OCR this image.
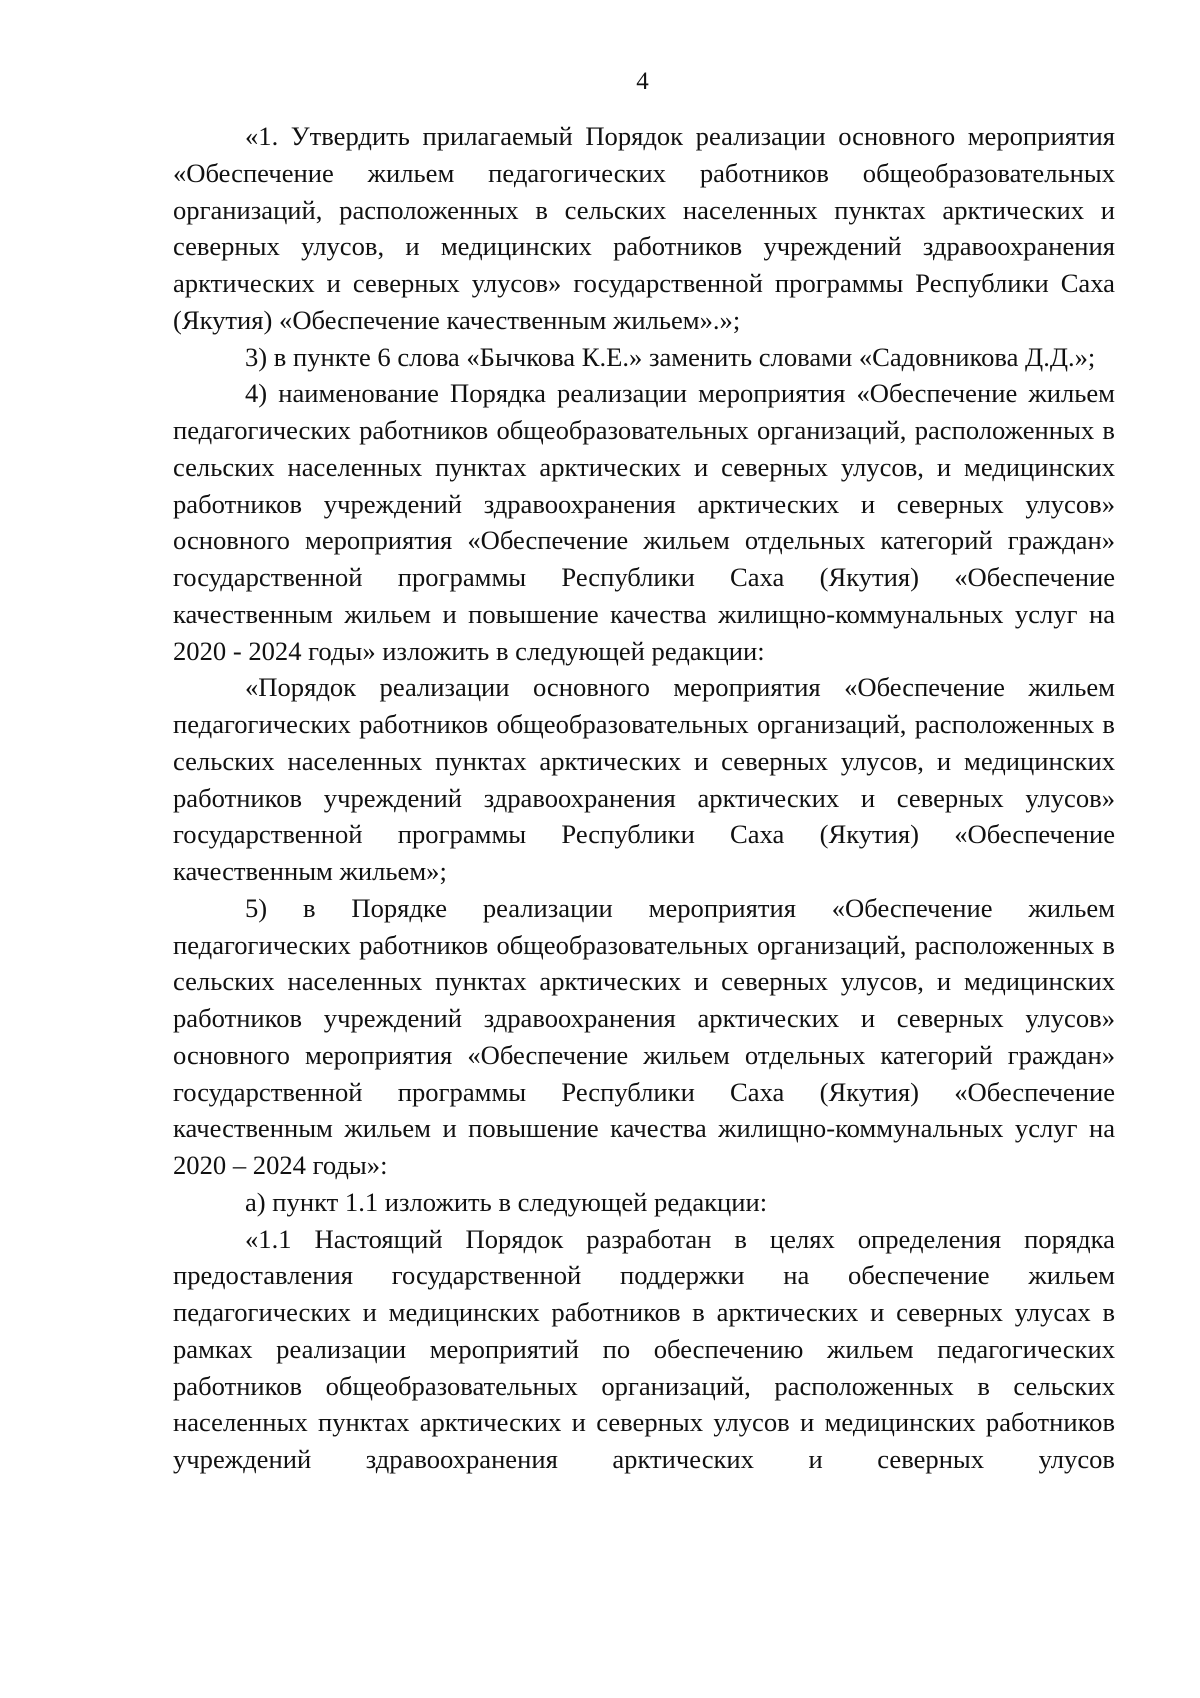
4

«1. Утвердить прилагаемый Порядок реализации основного мероприятия «Обеспечение жильем педагогических работников общеобразовательных организаций, расположенных в сельских населенных пунктах арктических и северных улусов, и медицинских работников учреждений здравоохранения арктических и северных улусов» государственной программы Республики Саха (Якутия) «Обеспечение качественным жильем».»;

3) в пункте 6 слова «Бычкова К.Е.» заменить словами «Садовникова Д.Д.»;

4) наименование Порядка реализации мероприятия «Обеспечение жильем педагогических работников общеобразовательных организаций, расположенных в сельских населенных пунктах арктических и северных улусов, и медицинских работников учреждений здравоохранения арктических и северных улусов» основного мероприятия «Обеспечение жильем отдельных категорий граждан» государственной программы Республики Саха (Якутия) «Обеспечение качественным жильем и повышение качества жилищно-коммунальных услуг на 2020 - 2024 годы» изложить в следующей редакции:

«Порядок реализации основного мероприятия «Обеспечение жильем педагогических работников общеобразовательных организаций, расположенных в сельских населенных пунктах арктических и северных улусов, и медицинских работников учреждений здравоохранения арктических и северных улусов» государственной программы Республики Саха (Якутия) «Обеспечение качественным жильем»;

5) в Порядке реализации мероприятия «Обеспечение жильем педагогических работников общеобразовательных организаций, расположенных в сельских населенных пунктах арктических и северных улусов, и медицинских работников учреждений здравоохранения арктических и северных улусов» основного мероприятия «Обеспечение жильем отдельных категорий граждан» государственной программы Республики Саха (Якутия) «Обеспечение качественным жильем и повышение качества жилищно-коммунальных услуг на 2020 – 2024 годы»:

а) пункт 1.1 изложить в следующей редакции:

«1.1 Настоящий Порядок разработан в целях определения порядка предоставления государственной поддержки на обеспечение жильем педагогических и медицинских работников в арктических и северных улусах в рамках реализации мероприятий по обеспечению жильем педагогических работников общеобразовательных организаций, расположенных в сельских населенных пунктах арктических и северных улусов и медицинских работников учреждений здравоохранения арктических и северных улусов
